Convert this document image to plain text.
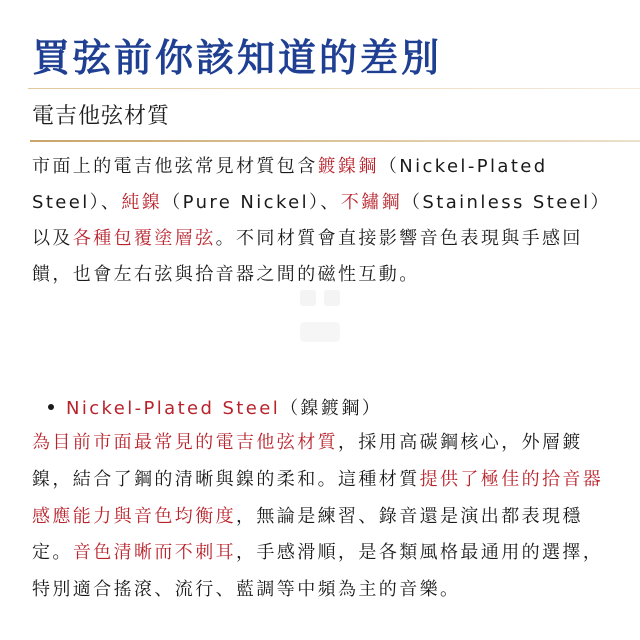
買弦前你該知道的差別
電吉他弦材質

市面上的電吉他弦常見材質包含鍍鎳鋼（Nickel-Plated Steel）、純鎳（Pure Nickel）、不鏽鋼（Stainless Steel）以及各種包覆塗層弦。不同材質會直接影響音色表現與手感回饋，也會左右弦與拾音器之間的磁性互動。

Nickel-Plated Steel（鎳鍍鋼）

為目前市面最常見的電吉他弦材質，採用高碳鋼核心，外層鍍鎳，結合了鋼的清晰與鎳的柔和。這種材質提供了極佳的拾音器感應能力與音色均衡度，無論是練習、錄音還是演出都表現穩定。音色清晰而不刺耳，手感滑順，是各類風格最通用的選擇，特別適合搖滾、流行、藍調等中頻為主的音樂。
